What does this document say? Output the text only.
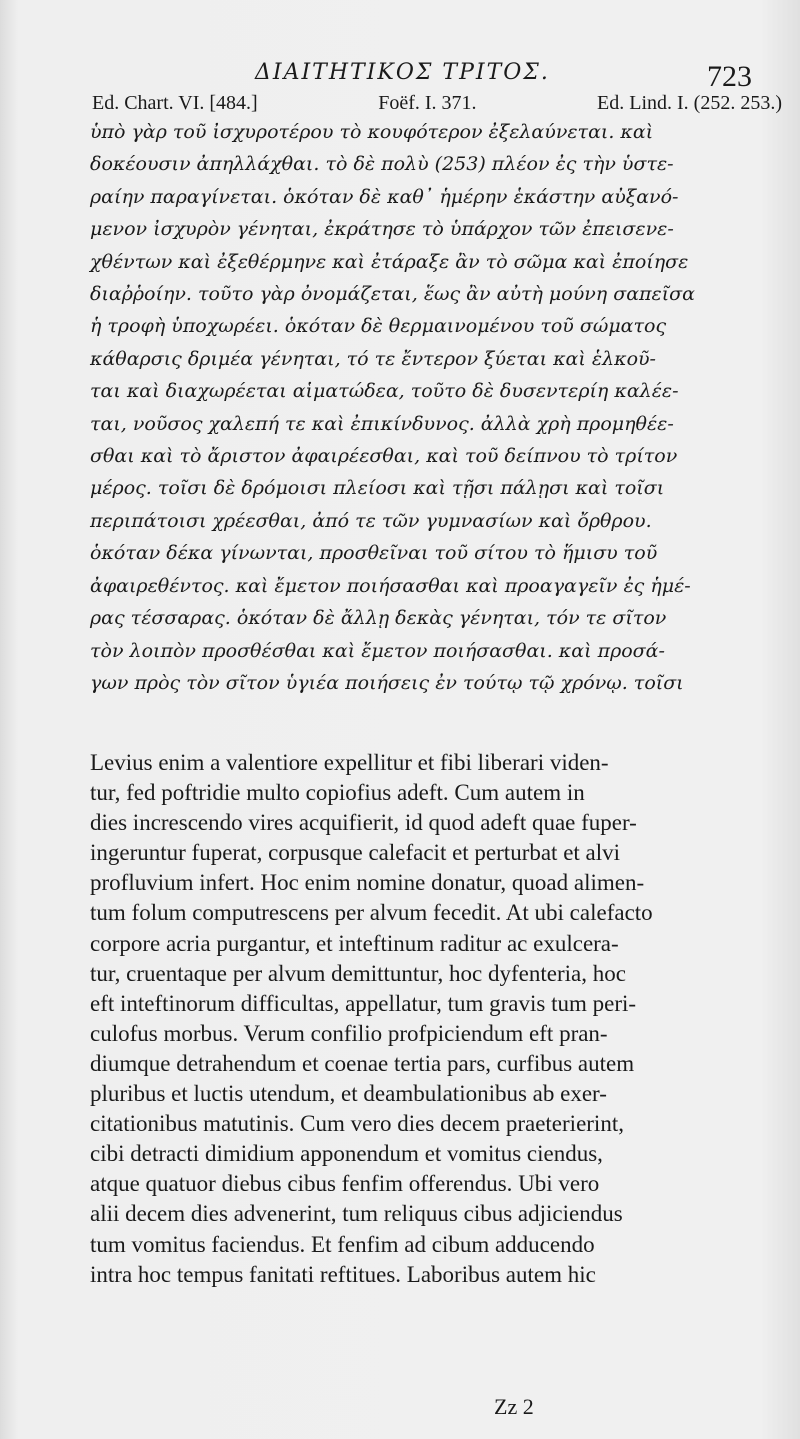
ΔΙΑΙΤΗΤΙΚΟΣ ΤΡΙΤΟΣ.	723
Ed. Chart. VI. [484.]	Foëf. I. 371.	Ed. Lind. I. (252. 253.)
ὑπὸ γὰρ τοῦ ἰσχυροτέρου τὸ κουφότερον ἐξελαύνεται. καὶ
δοκέουσιν ἀπηλλάχθαι. τὸ δὲ πολὺ (253) πλέον ἐς τὴν ὑστε-
ραίην παραγίνεται. ὁκόταν δὲ καθ᾽ ἡμέρην ἑκάστην αὐξανό-
μενον ἰσχυρὸν γένηται, ἐκράτησε τὸ ὑπάρχον τῶν ἐπεισενε-
χθέντων καὶ ἐξεθέρμηνε καὶ ἐτάραξε ἂν τὸ σῶμα καὶ ἐποίησε
διαῤῥοίην. τοῦτο γὰρ ὀνομάζεται, ἕως ἂν αὐτὴ μούνη σαπεῖσα
ἡ τροφὴ ὑποχωρέει. ὁκόταν δὲ θερμαινομένου τοῦ σώματος
κάθαρσις δριμέα γένηται, τό τε ἔντερον ξύεται καὶ ἑλκοῦ-
ται καὶ διαχωρέεται αἱματώδεα, τοῦτο δὲ δυσεντερίη καλέε-
ται, νοῦσος χαλεπή τε καὶ ἐπικίνδυνος. ἀλλὰ χρὴ προμηθέε-
σθαι καὶ τὸ ἄριστον ἀφαιρέεσθαι, καὶ τοῦ δείπνου τὸ τρίτον
μέρος. τοῖσι δὲ δρόμοισι πλείοσι καὶ τῇσι πάλῃσι καὶ τοῖσι
περιπάτοισι χρέεσθαι, ἀπό τε τῶν γυμνασίων καὶ ὄρθρου.
ὁκόταν δέκα γίνωνται, προσθεῖναι τοῦ σίτου τὸ ἥμισυ τοῦ
ἀφαιρεθέντος. καὶ ἔμετον ποιήσασθαι καὶ προαγαγεῖν ἐς ἡμέ-
ρας τέσσαρας. ὁκόταν δὲ ἄλλῃ δεκὰς γένηται, τόν τε σῖτον
τὸν λοιπὸν προσθέσθαι καὶ ἔμετον ποιήσασθαι. καὶ προσά-
γων πρὸς τὸν σῖτον ὑγιέα ποιήσεις ἐν τούτῳ τῷ χρόνῳ. τοῖσι
Levius enim a valentiore expellitur et fibi liberari viden-
tur, fed poftridie multo copiofius adeft. Cum autem in
dies increscendo vires acquifierit, id quod adeft quae fuper-
ingeruntur fuperat, corpusque calefacit et perturbat et alvi
profluvium infert. Hoc enim nomine donatur, quoad alimen-
tum folum computrescens per alvum fecedit. At ubi calefacto
corpore acria purgantur, et inteftinum raditur ac exulcera-
tur, cruentaque per alvum demittuntur, hoc dyfenteria, hoc
eft inteftinorum difficultas, appellatur, tum gravis tum peri-
culofus morbus. Verum confilio profpiciendum eft pran-
diumque detrahendum et coenae tertia pars, curfibus autem
pluribus et luctis utendum, et deambulationibus ab exer-
citationibus matutinis. Cum vero dies decem praeterierint,
cibi detracti dimidium apponendum et vomitus ciendus,
atque quatuor diebus cibus fenfim offerendus. Ubi vero
alii decem dies advenerint, tum reliquus cibus adjiciendus
tum vomitus faciendus. Et fenfim ad cibum adducendo
intra hoc tempus fanitati reftitues. Laboribus autem hic
Zz 2
